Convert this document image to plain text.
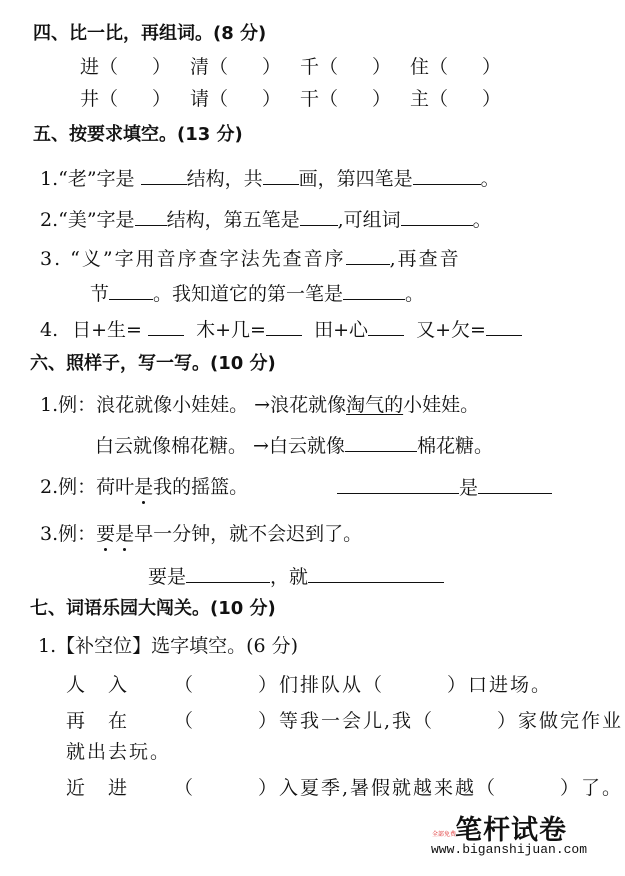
四、比一比，再组词。(8 分)
进（ ） 清（ ） 千（ ） 住（ ）
井（ ） 请（ ） 干（ ） 主（ ）
五、按要求填空。(13 分)
1.“老”字是 结构，共 画，第四笔是	。
2.“美”字是 结构，第五笔是 ,可组词	。
3. “义”字用音序查字法先查音序 ,再查音
节 。我知道它的第一笔是	。
4. 日+生=	木+几=	田+心	又+欠=
六、照样子，写一写。(10 分)
1.例：浪花就像小娃娃。 →浪花就像淘气的小娃娃。
白云就像棉花糖。 →白云就像	棉花糖。
2.例：荷叶是我的摇篮。	是
3.例：要是早一分钟，就不会迟到了。
要是	，就
七、词语乐园大闯关。(10 分)
1.【补空位】选字填空。(6 分)
人　入 （　　　）们排队从（　　　）口进场。
再　在 （　　　）等我一会儿,我（　　　）家做完作业
就出去玩。
近　进 （　　　）入夏季,暑假就越来越（　　　）了。
笔杆试卷
全部免费
www.biganshijuan.com
